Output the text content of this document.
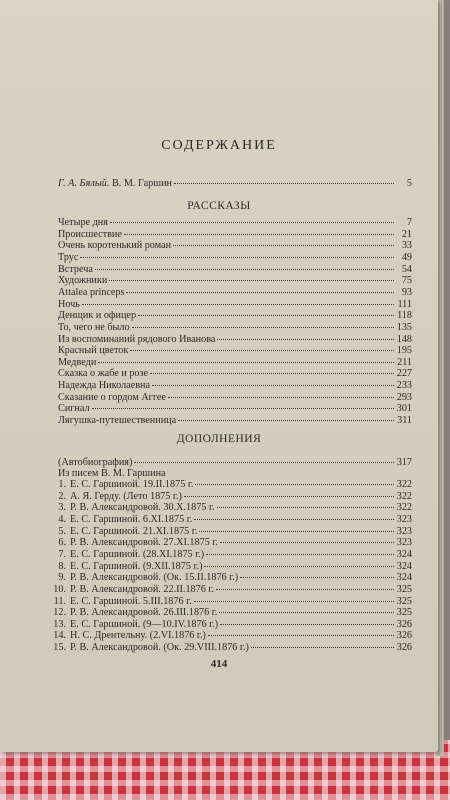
СОДЕРЖАНИЕ
Г. А. Бялый. В. М. Гаршин	5
РАССКАЗЫ
Четыре дня	7
Происшествие	21
Очень коротенький роман	33
Трус	49
Встреча	54
Художники	75
Attalea princeps	93
Ночь	111
Денщик и офицер	118
То, чего не было	135
Из воспоминаний рядового Иванова	148
Красный цветок	195
Медведи	211
Сказка о жабе и розе	227
Надежда Николаевна	233
Сказание о гордом Аггее	293
Сигнал	301
Лягушка-путешественница	311
ДОПОЛНЕНИЯ
(Автобиография)	317
Из писем В. М. Гаршина
1. Е. С. Гаршиной. 19.II.1875 г.	322
2. А. Я. Герду. (Лето 1875 г.)	322
3. Р. В. Александровой. 30.X.1875 г.	322
4. Е. С. Гаршиной. 6.XI.1875 г.	323
5. Е. С. Гаршиной. 21.XI.1875 г.	323
6. Р. В. Александровой. 27.XI.1875 г.	323
7. Е. С. Гаршиной. (28.XI.1875 г.)	324
8. Е. С. Гаршиной. (9.XII.1875 г.)	324
9. Р. В. Александровой. (Ок. 15.II.1876 г.)	324
10. Р. В. Александровой. 22.II.1876 г.	325
11. Е. С. Гаршиной. 5.III.1876 г.	325
12. Р. В. Александровой. 26.III.1876 г.	325
13. Е. С. Гаршиной. (9—10.IV.1876 г.)	326
14. Н. С. Дрентельну. (2.VI.1876 г.)	326
15. Р. В. Александровой. (Ок. 29.VIII.1876 г.)	326
414
